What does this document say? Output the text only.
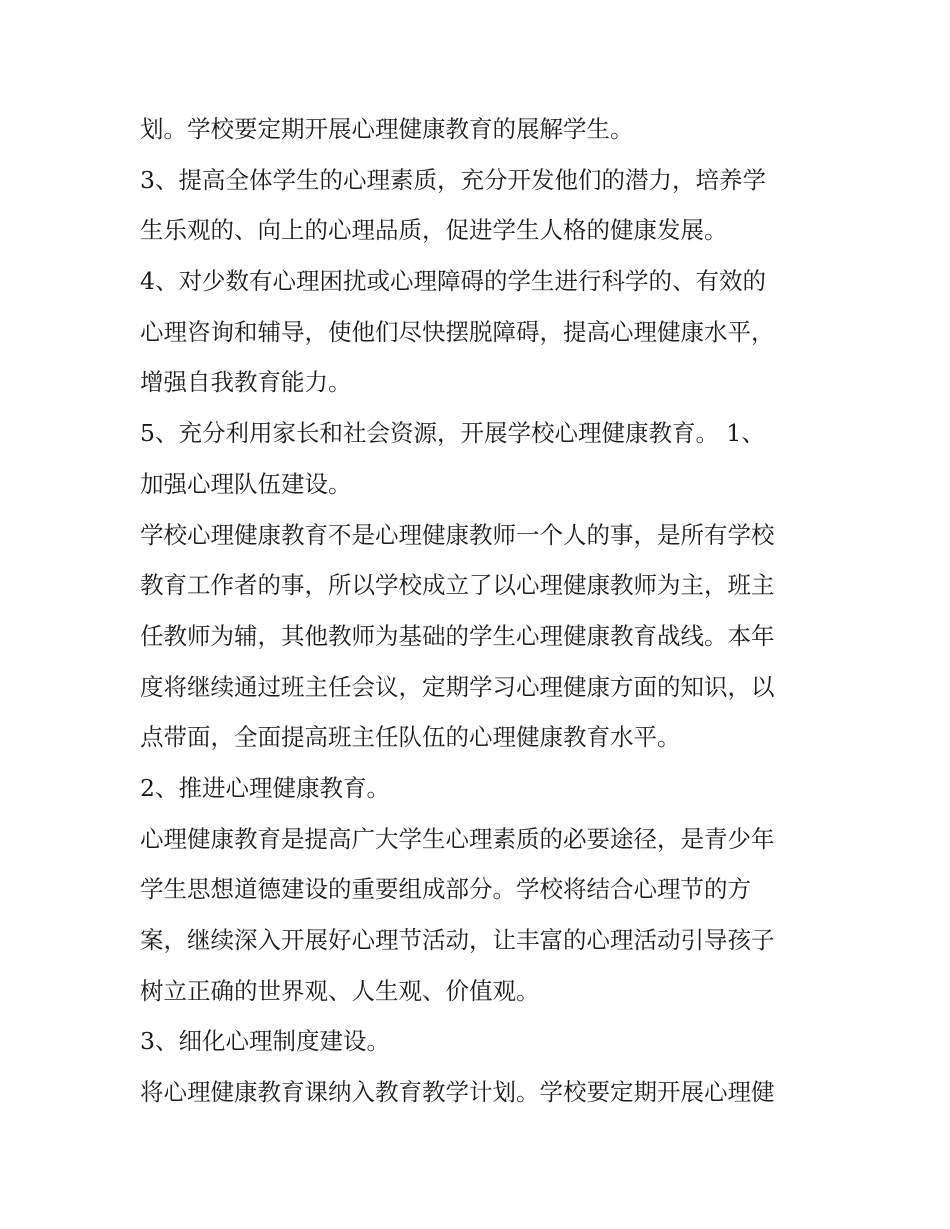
划。学校要定期开展心理健康教育的展解学生。
3、提高全体学生的心理素质，充分开发他们的潜力，培养学
生乐观的、向上的心理品质，促进学生人格的健康发展。
4、对少数有心理困扰或心理障碍的学生进行科学的、有效的
心理咨询和辅导，使他们尽快摆脱障碍，提高心理健康水平，
增强自我教育能力。
5、充分利用家长和社会资源，开展学校心理健康教育。 1、
加强心理队伍建设。
学校心理健康教育不是心理健康教师一个人的事，是所有学校
教育工作者的事，所以学校成立了以心理健康教师为主，班主
任教师为辅，其他教师为基础的学生心理健康教育战线。本年
度将继续通过班主任会议，定期学习心理健康方面的知识，以
点带面，全面提高班主任队伍的心理健康教育水平。
2、推进心理健康教育。
心理健康教育是提高广大学生心理素质的必要途径，是青少年
学生思想道德建设的重要组成部分。学校将结合心理节的方
案，继续深入开展好心理节活动，让丰富的心理活动引导孩子
树立正确的世界观、人生观、价值观。
3、细化心理制度建设。
将心理健康教育课纳入教育教学计划。学校要定期开展心理健
